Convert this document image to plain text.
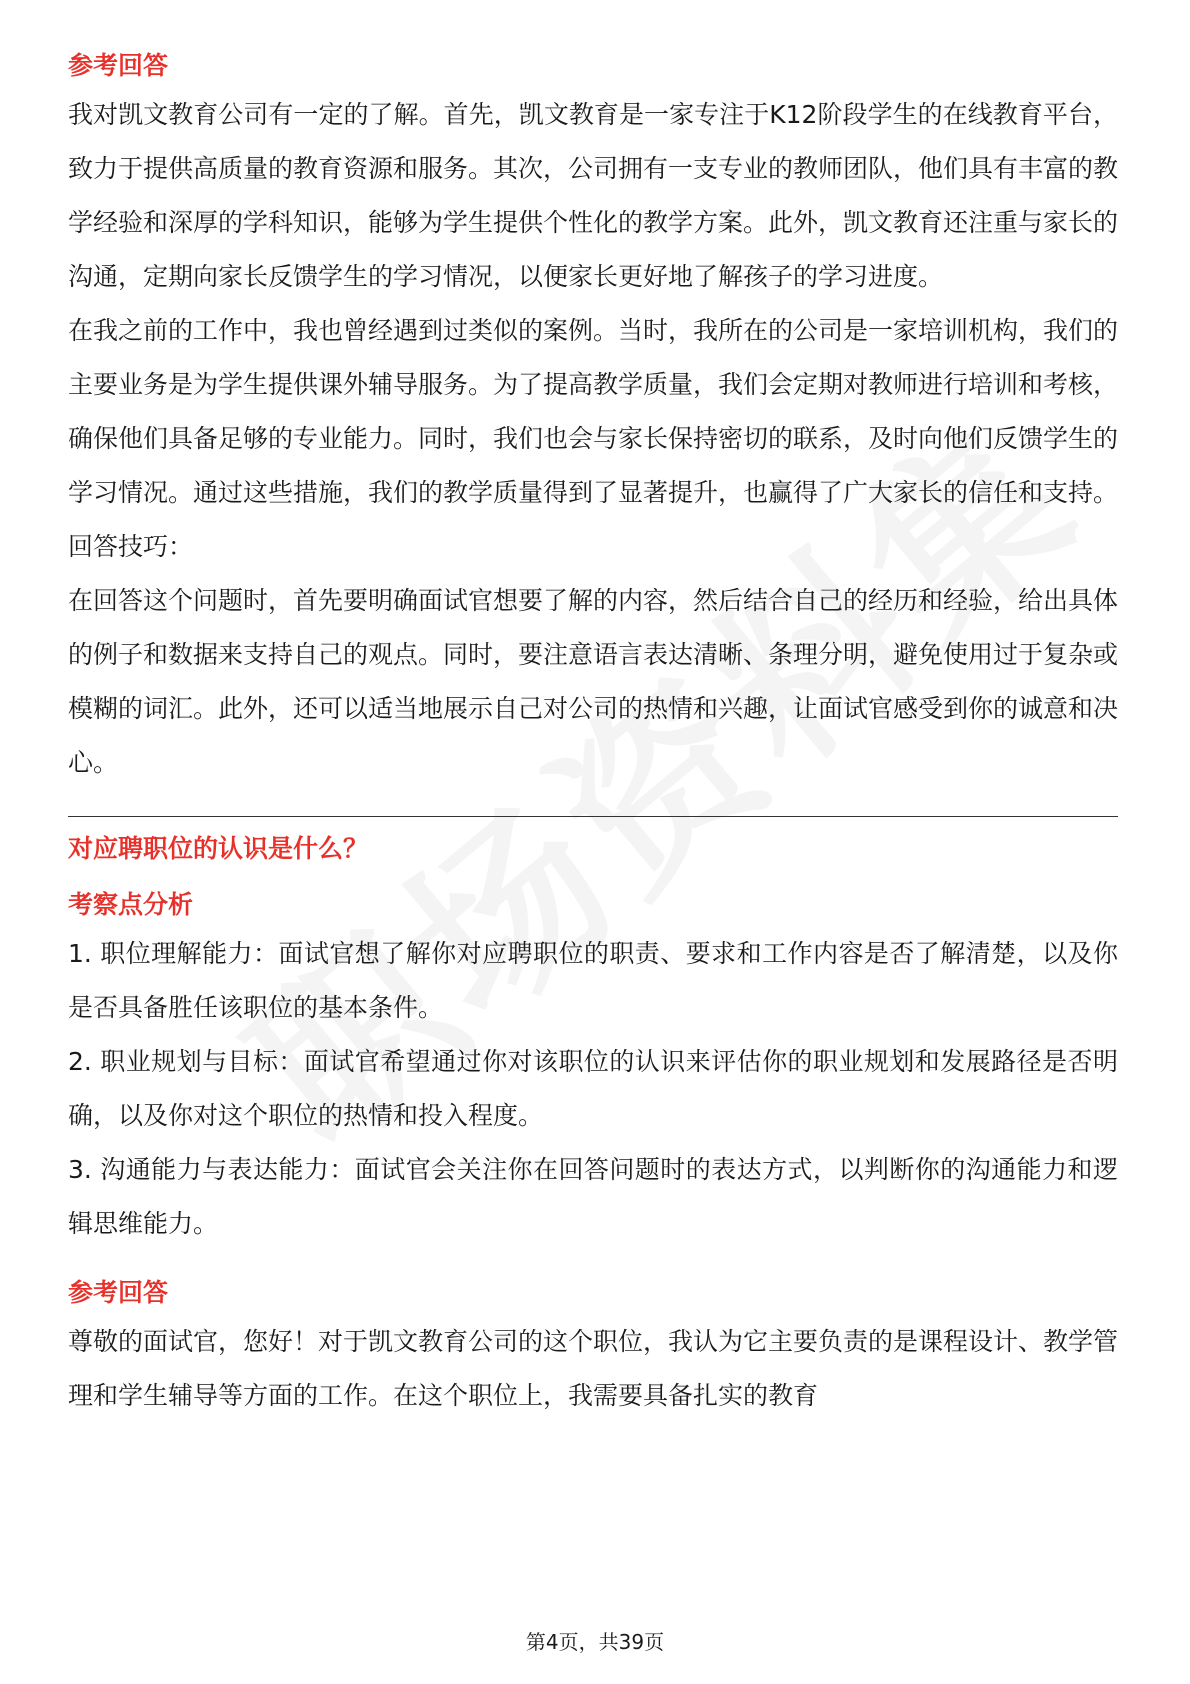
参考回答

我对凯文教育公司有一定的了解。首先，凯文教育是一家专注于K12阶段学生的在线教育平台，致力于提供高质量的教育资源和服务。其次，公司拥有一支专业的教师团队，他们具有丰富的教学经验和深厚的学科知识，能够为学生提供个性化的教学方案。此外，凯文教育还注重与家长的沟通，定期向家长反馈学生的学习情况，以便家长更好地了解孩子的学习进度。

在我之前的工作中，我也曾经遇到过类似的案例。当时，我所在的公司是一家培训机构，我们的主要业务是为学生提供课外辅导服务。为了提高教学质量，我们会定期对教师进行培训和考核，确保他们具备足够的专业能力。同时，我们也会与家长保持密切的联系，及时向他们反馈学生的学习情况。通过这些措施，我们的教学质量得到了显著提升，也赢得了广大家长的信任和支持。

回答技巧：

在回答这个问题时，首先要明确面试官想要了解的内容，然后结合自己的经历和经验，给出具体的例子和数据来支持自己的观点。同时，要注意语言表达清晰、条理分明，避免使用过于复杂或模糊的词汇。此外，还可以适当地展示自己对公司的热情和兴趣，让面试官感受到你的诚意和决心。

对应聘职位的认识是什么？

考察点分析

1. 职位理解能力：面试官想了解你对应聘职位的职责、要求和工作内容是否了解清楚，以及你是否具备胜任该职位的基本条件。

2. 职业规划与目标：面试官希望通过你对该职位的认识来评估你的职业规划和发展路径是否明确，以及你对这个职位的热情和投入程度。

3. 沟通能力与表达能力：面试官会关注你在回答问题时的表达方式，以判断你的沟通能力和逻辑思维能力。

参考回答

尊敬的面试官，您好！对于凯文教育公司的这个职位，我认为它主要负责的是课程设计、教学管理和学生辅导等方面的工作。在这个职位上，我需要具备扎实的教育

第4页，共39页
